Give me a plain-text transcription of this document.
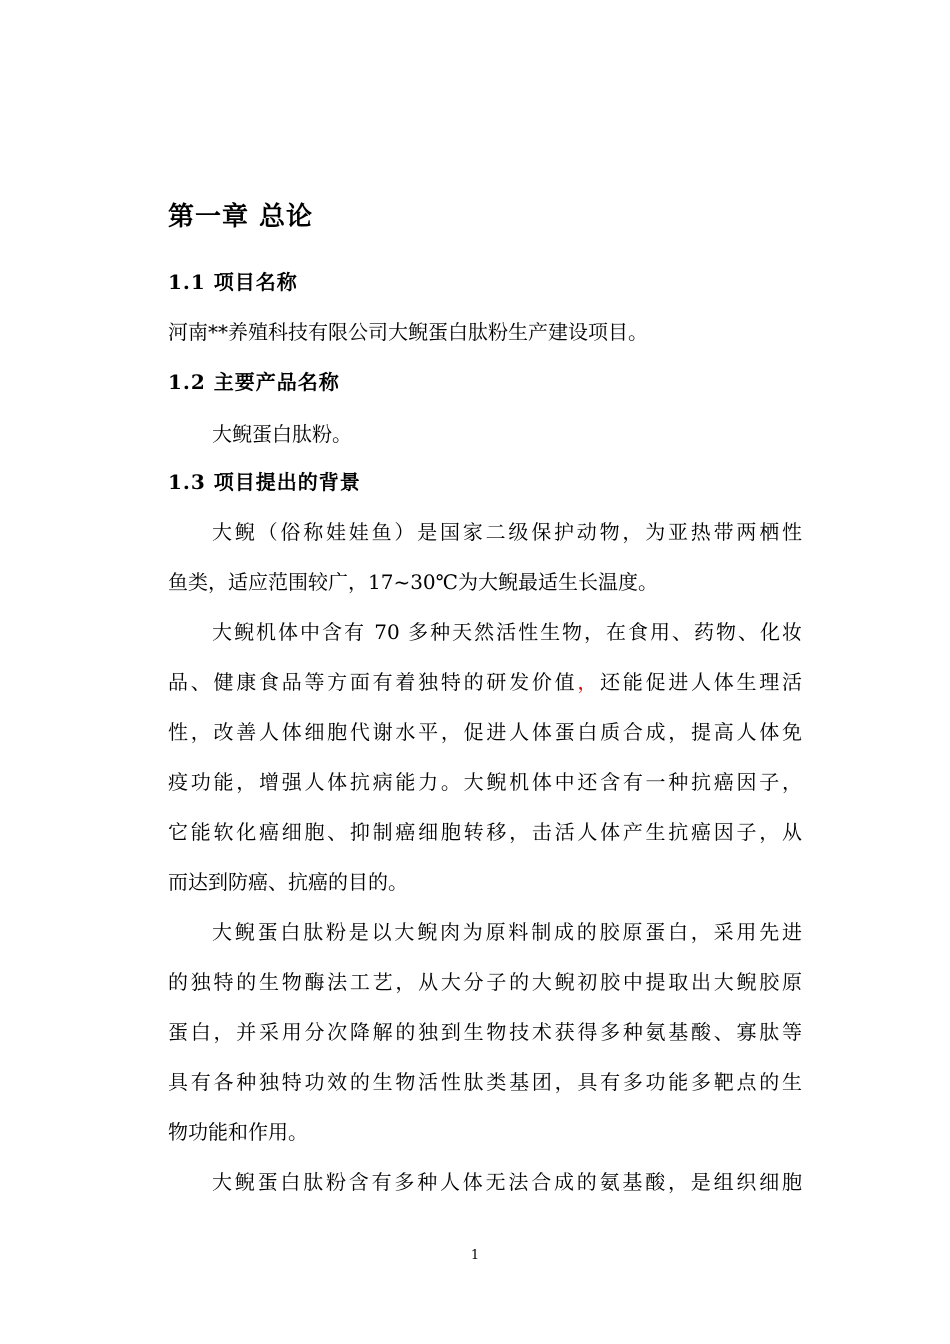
第一章 总论
1.1 项目名称
河南**养殖科技有限公司大鲵蛋白肽粉生产建设项目。
1.2 主要产品名称
大鲵蛋白肽粉。
1.3 项目提出的背景
大鲵（俗称娃娃鱼）是国家二级保护动物，为亚热带两栖性
鱼类，适应范围较广，17~30℃为大鲵最适生长温度。
大鲵机体中含有 70 多种天然活性生物，在食用、药物、化妆
品、健康食品等方面有着独特的研发价值，还能促进人体生理活
性，改善人体细胞代谢水平，促进人体蛋白质合成，提高人体免
疫功能，增强人体抗病能力。大鲵机体中还含有一种抗癌因子，
它能软化癌细胞、抑制癌细胞转移，击活人体产生抗癌因子，从
而达到防癌、抗癌的目的。
大鲵蛋白肽粉是以大鲵肉为原料制成的胶原蛋白，采用先进
的独特的生物酶法工艺，从大分子的大鲵初胶中提取出大鲵胶原
蛋白，并采用分次降解的独到生物技术获得多种氨基酸、寡肽等
具有各种独特功效的生物活性肽类基团，具有多功能多靶点的生
物功能和作用。
大鲵蛋白肽粉含有多种人体无法合成的氨基酸，是组织细胞
1
